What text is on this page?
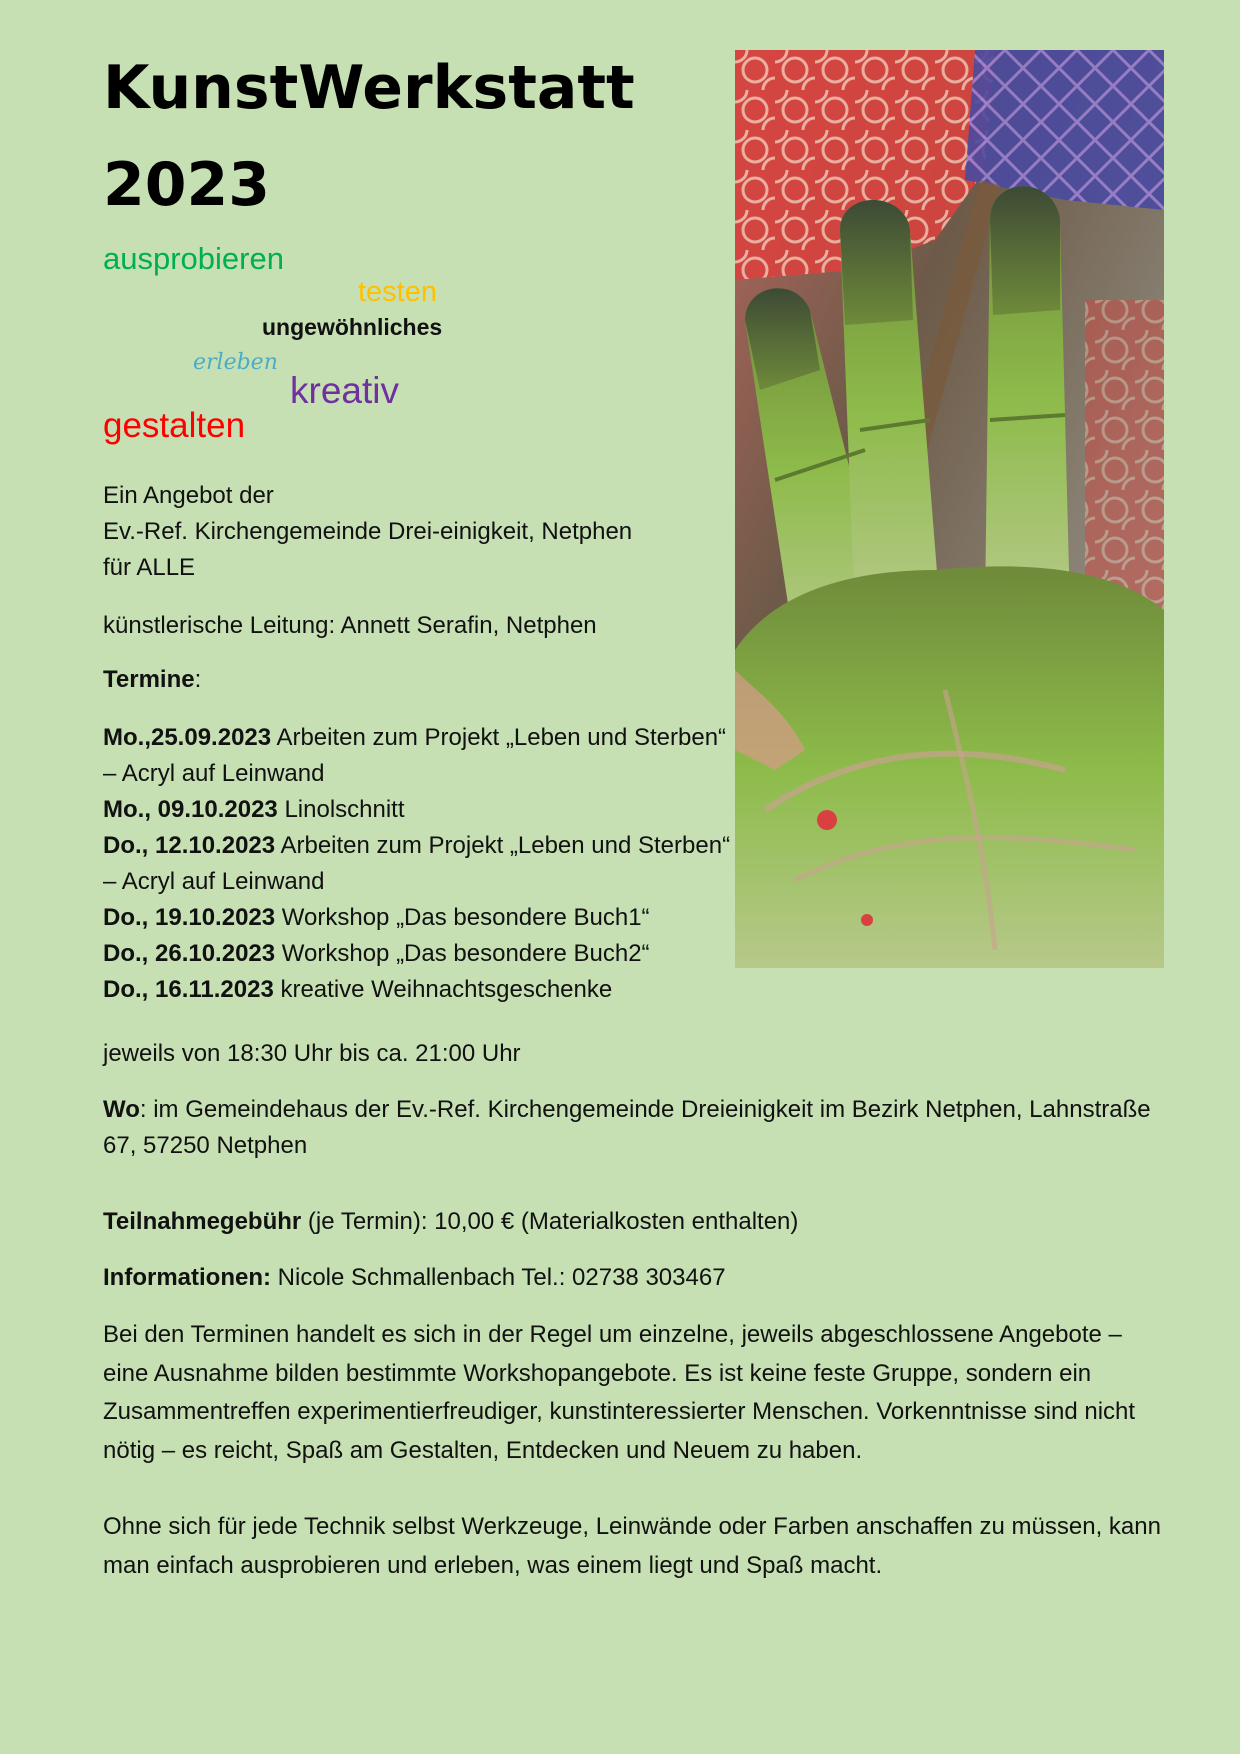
KunstWerkstatt
2023
ausprobieren
testen
ungewöhnliches
erleben
kreativ
gestalten
Ein Angebot der
Ev.-Ref. Kirchengemeinde Drei-einigkeit, Netphen
für ALLE
künstlerische Leitung: Annett Serafin, Netphen
Termine:
Mo.,25.09.2023 Arbeiten zum Projekt „Leben und Sterben“ – Acryl auf Leinwand
Mo., 09.10.2023 Linolschnitt
Do., 12.10.2023 Arbeiten zum Projekt „Leben und Sterben“ – Acryl auf Leinwand
Do., 19.10.2023 Workshop „Das besondere Buch1“
Do., 26.10.2023 Workshop „Das besondere Buch2“
Do., 16.11.2023 kreative Weihnachtsgeschenke
jeweils von 18:30 Uhr bis ca. 21:00 Uhr
Wo: im Gemeindehaus der Ev.-Ref. Kirchengemeinde Dreieinigkeit im Bezirk Netphen, Lahnstraße 67, 57250 Netphen
Teilnahmegebühr (je Termin): 10,00 € (Materialkosten enthalten)
Informationen: Nicole Schmallenbach Tel.: 02738 303467

Bei den Terminen handelt es sich in der Regel um einzelne, jeweils abgeschlossene Angebote – eine Ausnahme bilden bestimmte Workshopangebote. Es ist keine feste Gruppe, sondern ein Zusammentreffen experimentierfreudiger, kunstinteressierter Menschen. Vorkenntnisse sind nicht nötig – es reicht, Spaß am Gestalten, Entdecken und Neuem zu haben.

Ohne sich für jede Technik selbst Werkzeuge, Leinwände oder Farben anschaffen zu müssen, kann man einfach ausprobieren und erleben, was einem liegt und Spaß macht.
